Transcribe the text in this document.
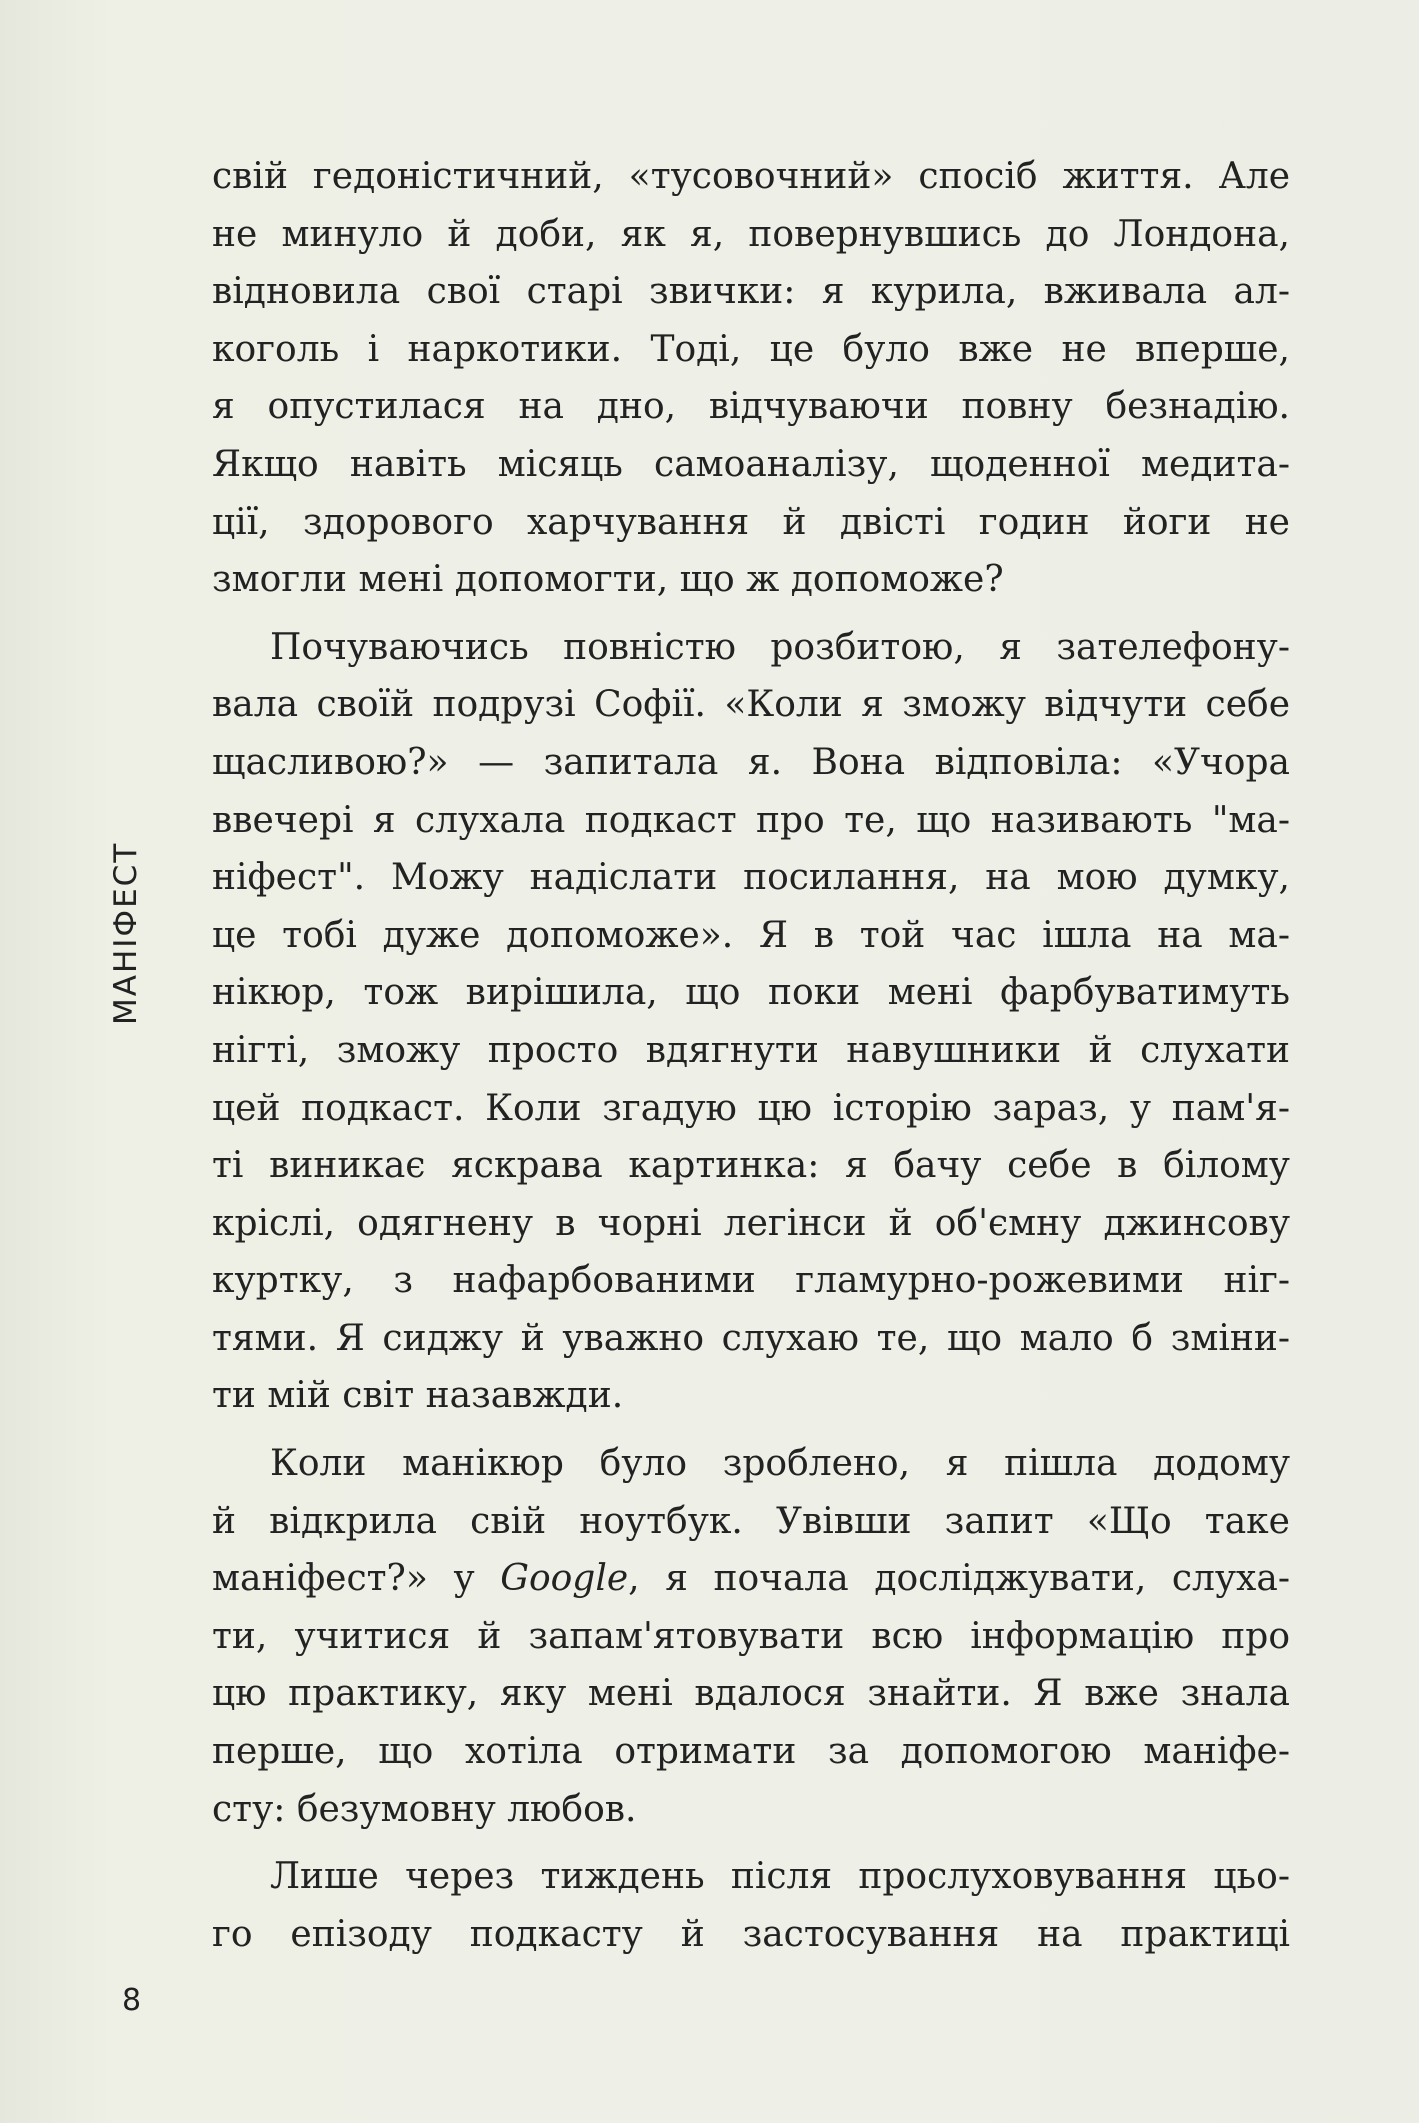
МАНІФЕСТ
свій гедоністичний, «тусовочний» спосіб життя. Але
не минуло й доби, як я, повернувшись до Лондона,
відновила свої старі звички: я курила, вживала ал-
коголь і наркотики. Тоді, це було вже не вперше,
я опустилася на дно, відчуваючи повну безнадію.
Якщо навіть місяць самоаналізу, щоденної медита-
ції, здорового харчування й двісті годин йоги не
змогли мені допомогти, що ж допоможе?
Почуваючись повністю розбитою, я зателефону-
вала своїй подрузі Софії. «Коли я зможу відчути себе
щасливою?» — запитала я. Вона відповіла: «Учора
ввечері я слухала подкаст про те, що називають "ма-
ніфест". Можу надіслати посилання, на мою думку,
це тобі дуже допоможе». Я в той час ішла на ма-
нікюр, тож вирішила, що поки мені фарбуватимуть
нігті, зможу просто вдягнути навушники й слухати
цей подкаст. Коли згадую цю історію зараз, у пам'я-
ті виникає яскрава картинка: я бачу себе в білому
кріслі, одягнену в чорні легінси й об'ємну джинсову
куртку, з нафарбованими гламурно-рожевими ніг-
тями. Я сиджу й уважно слухаю те, що мало б зміни-
ти мій світ назавжди.
Коли манікюр було зроблено, я пішла додому
й відкрила свій ноутбук. Увівши запит «Що таке
маніфест?» у Google, я почала досліджувати, слуха-
ти, учитися й запам'ятовувати всю інформацію про
цю практику, яку мені вдалося знайти. Я вже знала
перше, що хотіла отримати за допомогою маніфе-
сту: безумовну любов.
Лише через тиждень після прослуховування цьо-
го епізоду подкасту й застосування на практиці
8
